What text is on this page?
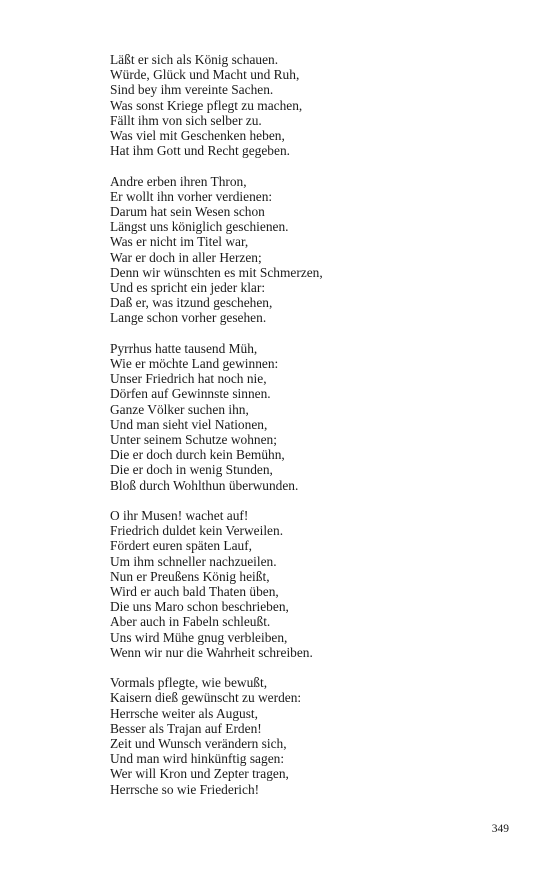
Läßt er sich als König schauen.
Würde, Glück und Macht und Ruh,
Sind bey ihm vereinte Sachen.
Was sonst Kriege pflegt zu machen,
Fällt ihm von sich selber zu.
Was viel mit Geschenken heben,
Hat ihm Gott und Recht gegeben.
Andre erben ihren Thron,
Er wollt ihn vorher verdienen:
Darum hat sein Wesen schon
Längst uns königlich geschienen.
Was er nicht im Titel war,
War er doch in aller Herzen;
Denn wir wünschten es mit Schmerzen,
Und es spricht ein jeder klar:
Daß er, was itzund geschehen,
Lange schon vorher gesehen.
Pyrrhus hatte tausend Müh,
Wie er möchte Land gewinnen:
Unser Friedrich hat noch nie,
Dörfen auf Gewinnste sinnen.
Ganze Völker suchen ihn,
Und man sieht viel Nationen,
Unter seinem Schutze wohnen;
Die er doch durch kein Bemühn,
Die er doch in wenig Stunden,
Bloß durch Wohlthun überwunden.
O ihr Musen! wachet auf!
Friedrich duldet kein Verweilen.
Fördert euren späten Lauf,
Um ihm schneller nachzueilen.
Nun er Preußens König heißt,
Wird er auch bald Thaten üben,
Die uns Maro schon beschrieben,
Aber auch in Fabeln schleußt.
Uns wird Mühe gnug verbleiben,
Wenn wir nur die Wahrheit schreiben.
Vormals pflegte, wie bewußt,
Kaisern dieß gewünscht zu werden:
Herrsche weiter als August,
Besser als Trajan auf Erden!
Zeit und Wunsch verändern sich,
Und man wird hinkünftig sagen:
Wer will Kron und Zepter tragen,
Herrsche so wie Friederich!
349
